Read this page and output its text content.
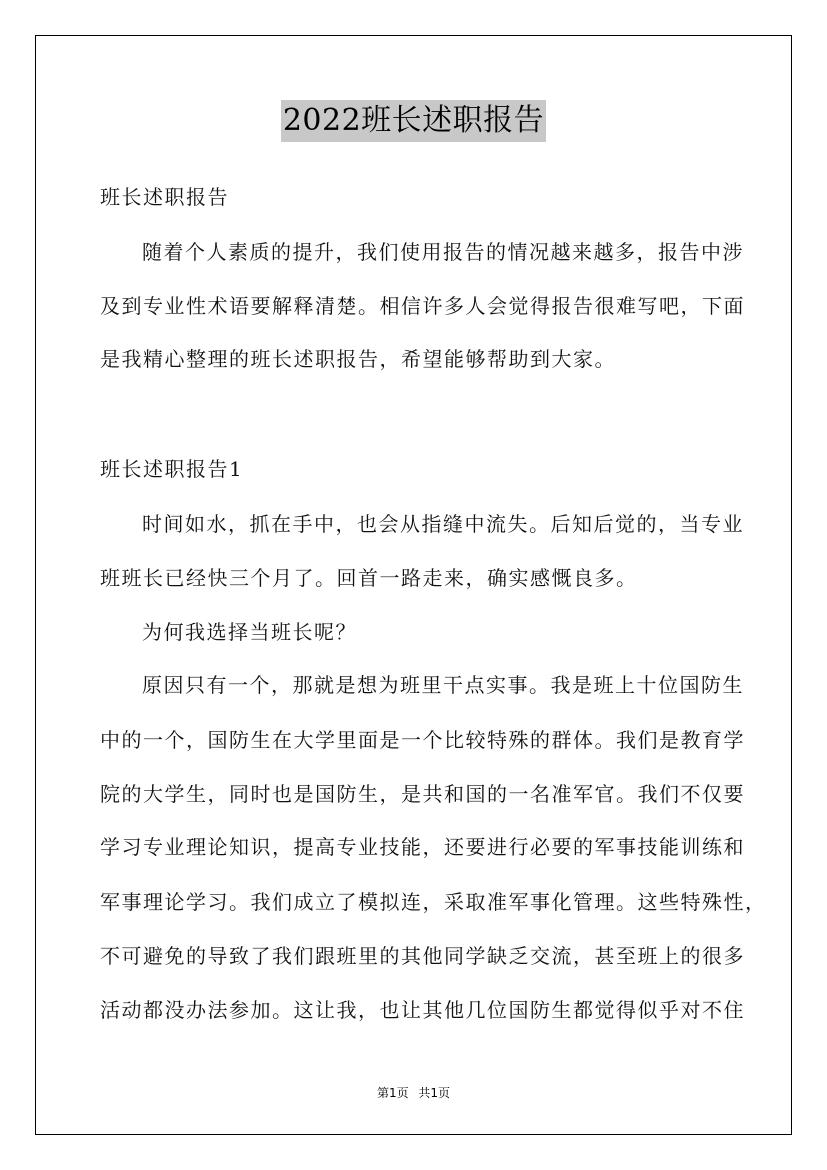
2022班长述职报告
班长述职报告
随着个人素质的提升，我们使用报告的情况越来越多，报告中涉
及到专业性术语要解释清楚。相信许多人会觉得报告很难写吧，下面
是我精心整理的班长述职报告，希望能够帮助到大家。
班长述职报告1
时间如水，抓在手中，也会从指缝中流失。后知后觉的，当专业
班班长已经快三个月了。回首一路走来，确实感慨良多。
为何我选择当班长呢？
原因只有一个，那就是想为班里干点实事。我是班上十位国防生
中的一个，国防生在大学里面是一个比较特殊的群体。我们是教育学
院的大学生，同时也是国防生，是共和国的一名准军官。我们不仅要
学习专业理论知识，提高专业技能，还要进行必要的军事技能训练和
军事理论学习。我们成立了模拟连，采取准军事化管理。这些特殊性，
不可避免的导致了我们跟班里的其他同学缺乏交流，甚至班上的很多
活动都没办法参加。这让我，也让其他几位国防生都觉得似乎对不住
第1页 共1页
